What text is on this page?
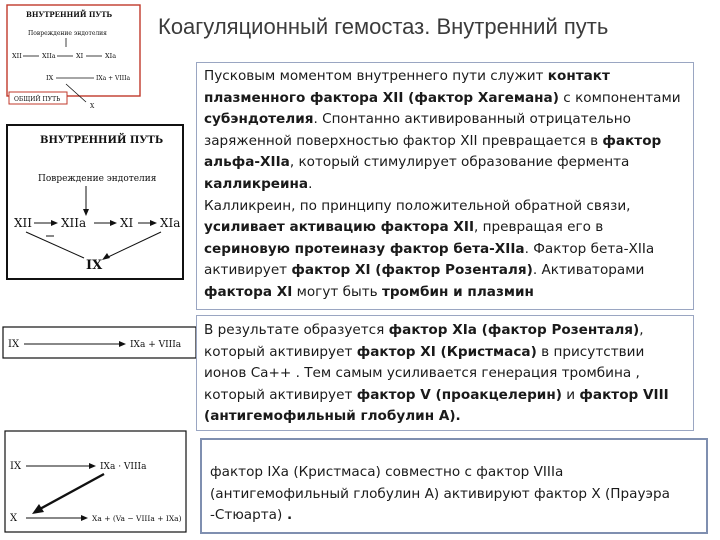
Коагуляционный гемостаз. Внутренний путь
ВНУТРЕННИЙ ПУТЬ
Повреждение эндотелия
XII	XIIa	XI	XIa
IX	IXa + VIIIa
X
ОБЩИЙ ПУТЬ
ВНУТРЕННИЙ ПУТЬ
Повреждение эндотелия
XII XIIa	XI XIa
IX
IX	IXa + VIIIa
IX	IXa · VIIIa
X	Xa + (Va − VIIIa + IXa)

Пусковым моментом внутреннего пути служит контакт плазменного фактора XII (фактор Хагемана) с компонентами субэндотелия. Спонтанно активированный отрицательно заряженной поверхностью фактор XII превращается в фактор альфа-XIIa, который стимулирует образование фермента калликреина.

Калликреин, по принципу положительной обратной связи, усиливает активацию фактора XII, превращая его в сериновую протеиназу фактор бета-XIIa. Фактор бета-XIIa активирует фактор XI (фактор Розенталя). Активаторами фактора XI могут быть тромбин и плазмин

В результате образуется фактор XIa (фактор Розенталя), который активирует фактор XI (Кристмаса) в присутствии ионов Са++ . Тем самым усиливается генерация тромбина , который активирует фактор V (проакцелерин) и фактор VIII (антигемофильный глобулин А).

фактор IXa (Кристмаса) совместно с фактор VIIIa (антигемофильный глобулин А) активируют фактор X (Прауэра -Стюарта) .
